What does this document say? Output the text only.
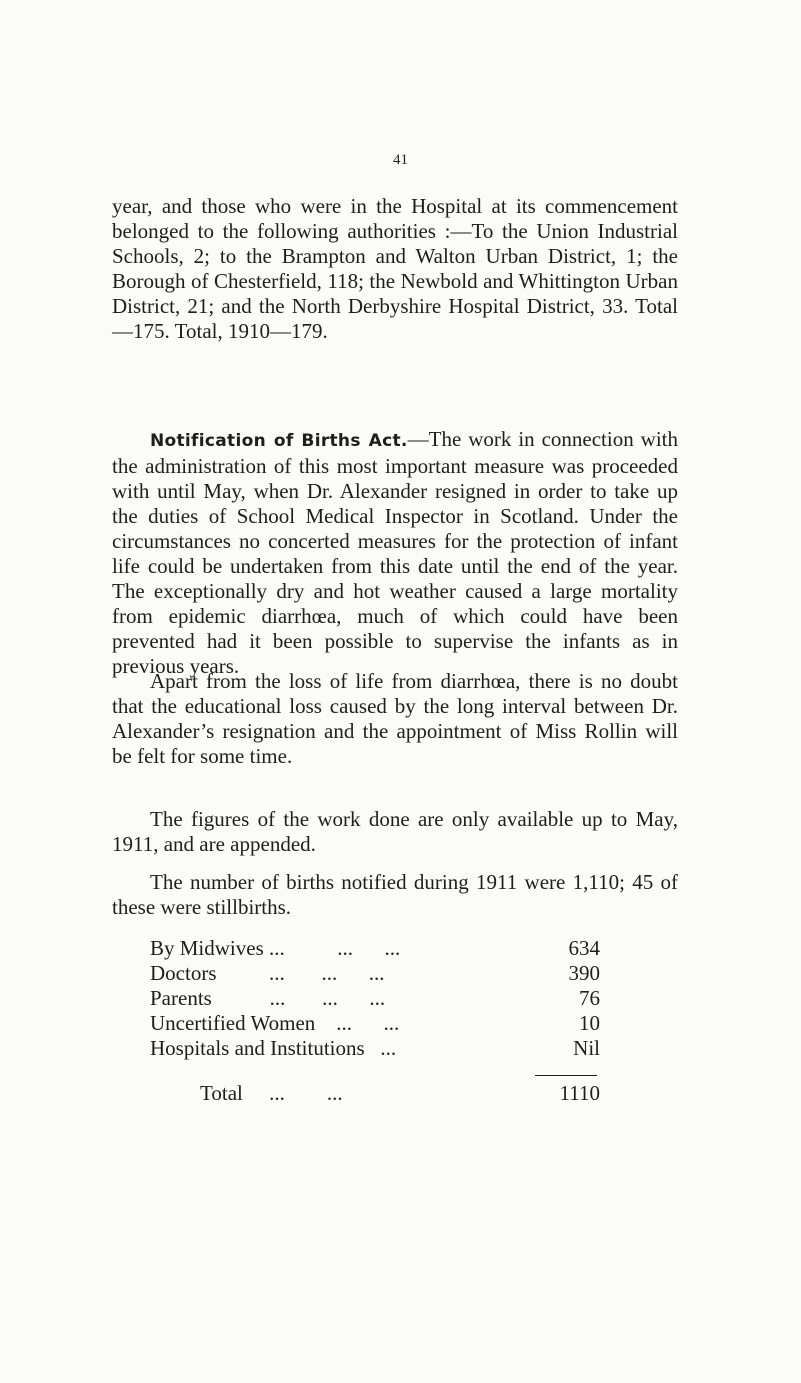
41

year, and those who were in the Hospital at its commencement belonged to the following authorities :—To the Union Industrial Schools, 2; to the Brampton and Walton Urban District, 1; the Borough of Chesterfield, 118; the Newbold and Whittington Urban District, 21; and the North Derbyshire Hospital District, 33. Total—175. Total, 1910—179.

Notification of Births Act.—The work in connection with the administration of this most important measure was proceeded with until May, when Dr. Alexander resigned in order to take up the duties of School Medical Inspector in Scotland. Under the circumstances no concerted measures for the protection of infant life could be undertaken from this date until the end of the year. The exceptionally dry and hot weather caused a large mortality from epidemic diarrhœa, much of which could have been prevented had it been possible to supervise the infants as in previous years.

Apart from the loss of life from diarrhœa, there is no doubt that the educational loss caused by the long interval between Dr. Alexander’s resignation and the appointment of Miss Rollin will be felt for some time.

The figures of the work done are only available up to May, 1911, and are appended.

The number of births notified during 1911 were 1,110; 45 of these were stillbirths.

By Midwives ...          ...      ...	634
Doctors          ...       ...      ...	390
Parents           ...       ...      ...	76
Uncertified Women    ...      ...	10
Hospitals and Institutions   ...	Nil
Total     ...        ...	1110
